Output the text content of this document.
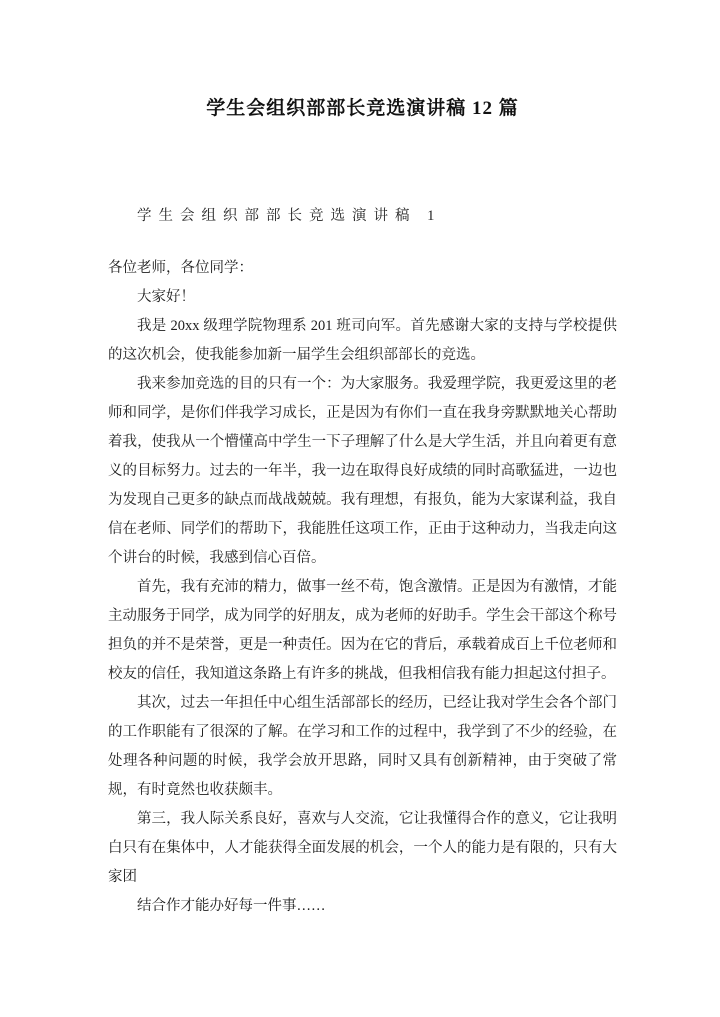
学生会组织部部长竞选演讲稿 12 篇
学生会组织部部长竞选演讲稿 1

各位老师，各位同学：

大家好！

我是 20xx 级理学院物理系 201 班司向军。首先感谢大家的支持与学校提供的这次机会，使我能参加新一届学生会组织部部长的竞选。

我来参加竞选的目的只有一个：为大家服务。我爱理学院，我更爱这里的老师和同学，是你们伴我学习成长，正是因为有你们一直在我身旁默默地关心帮助着我，使我从一个懵懂高中学生一下子理解了什么是大学生活，并且向着更有意义的目标努力。过去的一年半，我一边在取得良好成绩的同时高歌猛进，一边也为发现自己更多的缺点而战战兢兢。我有理想，有报负，能为大家谋利益，我自信在老师、同学们的帮助下，我能胜任这项工作，正由于这种动力，当我走向这个讲台的时候，我感到信心百倍。

首先，我有充沛的精力，做事一丝不苟，饱含激情。正是因为有激情，才能主动服务于同学，成为同学的好朋友，成为老师的好助手。学生会干部这个称号担负的并不是荣誉，更是一种责任。因为在它的背后，承载着成百上千位老师和校友的信任，我知道这条路上有许多的挑战，但我相信我有能力担起这付担子。

其次，过去一年担任中心组生活部部长的经历，已经让我对学生会各个部门的工作职能有了很深的了解。在学习和工作的过程中，我学到了不少的经验，在处理各种问题的时候，我学会放开思路，同时又具有创新精神，由于突破了常规，有时竟然也收获颇丰。

第三，我人际关系良好，喜欢与人交流，它让我懂得合作的意义，它让我明白只有在集体中，人才能获得全面发展的机会，一个人的能力是有限的，只有大家团

结合作才能办好每一件事……
